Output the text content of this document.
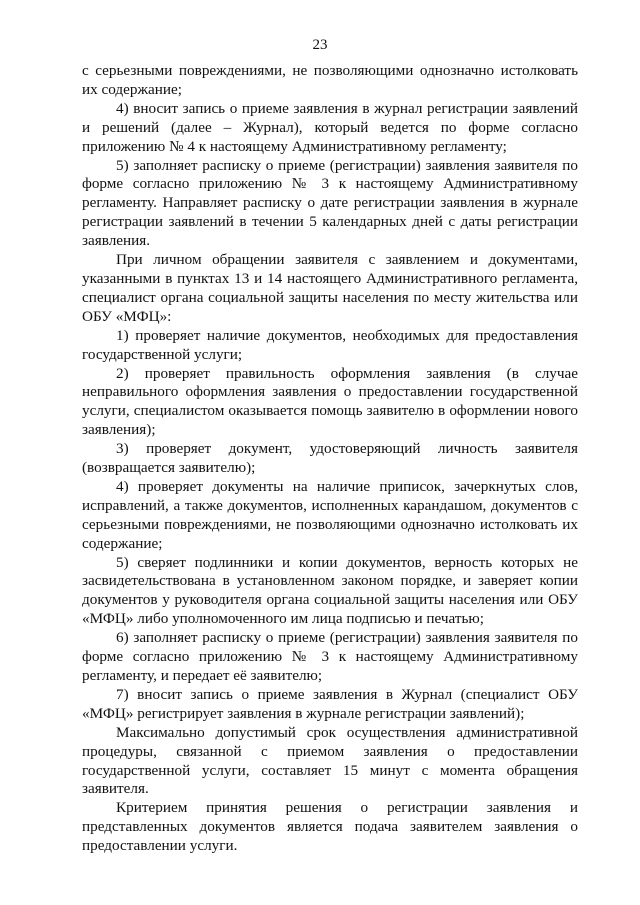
23

с серьезными повреждениями, не позволяющими однозначно истолковать их содержание;

4) вносит запись о приеме заявления в журнал регистрации заявлений и решений (далее – Журнал), который ведется по форме согласно приложению № 4 к настоящему Административному регламенту;

5) заполняет расписку о приеме (регистрации) заявления заявителя по форме согласно приложению № 3 к настоящему Административному регламенту. Направляет расписку о дате регистрации заявления в журнале регистрации заявлений в течении 5 календарных дней с даты регистрации заявления.

При личном обращении заявителя с заявлением и документами, указанными в пунктах 13 и 14 настоящего Административного регламента, специалист органа социальной защиты населения по месту жительства или ОБУ «МФЦ»:

1) проверяет наличие документов, необходимых для предоставления государственной услуги;

2) проверяет правильность оформления заявления (в случае неправильного оформления заявления о предоставлении государственной услуги, специалистом оказывается помощь заявителю в оформлении нового заявления);

3) проверяет документ, удостоверяющий личность заявителя (возвращается заявителю);

4) проверяет документы на наличие приписок, зачеркнутых слов, исправлений, а также документов, исполненных карандашом, документов с серьезными повреждениями, не позволяющими однозначно истолковать их содержание;

5) сверяет подлинники и копии документов, верность которых не засвидетельствована в установленном законом порядке, и заверяет копии документов у руководителя органа социальной защиты населения или ОБУ «МФЦ» либо уполномоченного им лица подписью и печатью;

6) заполняет расписку о приеме (регистрации) заявления заявителя по форме согласно приложению № 3 к настоящему Административному регламенту, и передает её заявителю;

7) вносит запись о приеме заявления в Журнал (специалист ОБУ «МФЦ» регистрирует заявления в журнале регистрации заявлений);

Максимально допустимый срок осуществления административной процедуры, связанной с приемом заявления о предоставлении государственной услуги, составляет 15 минут с момента обращения заявителя.

Критерием принятия решения о регистрации заявления и представленных документов является подача заявителем заявления о предоставлении услуги.
